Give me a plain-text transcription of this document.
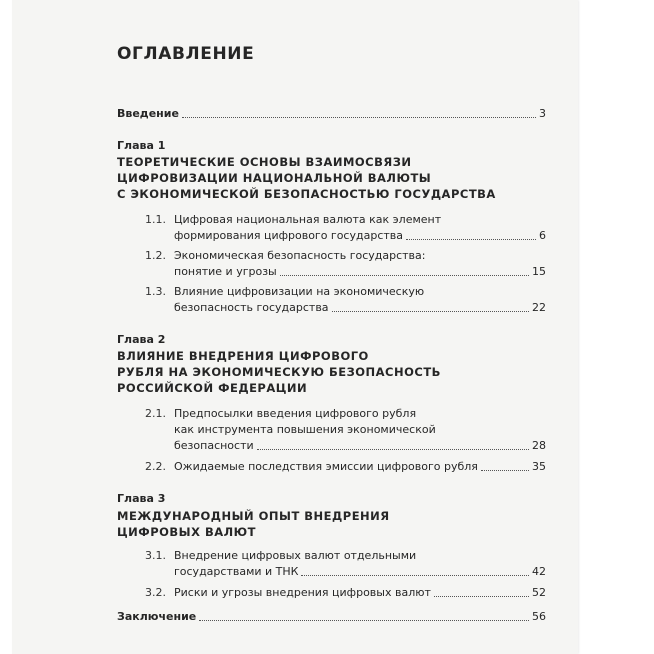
ОГЛАВЛЕНИЕ
Введение	3
Глава 1
ТЕОРЕТИЧЕСКИЕ ОСНОВЫ ВЗАИМОСВЯЗИ
ЦИФРОВИЗАЦИИ НАЦИОНАЛЬНОЙ ВАЛЮТЫ
С ЭКОНОМИЧЕСКОЙ БЕЗОПАСНОСТЬЮ ГОСУДАРСТВА
1.1. Цифровая национальная валюта как элемент
формирования цифрового государства	6
1.2. Экономическая безопасность государства:
понятие и угрозы	15
1.3. Влияние цифровизации на экономическую
безопасность государства	22
Глава 2
ВЛИЯНИЕ ВНЕДРЕНИЯ ЦИФРОВОГО
РУБЛЯ НА ЭКОНОМИЧЕСКУЮ БЕЗОПАСНОСТЬ
РОССИЙСКОЙ ФЕДЕРАЦИИ
2.1. Предпосылки введения цифрового рубля
как инструмента повышения экономической
безопасности	28
2.2. Ожидаемые последствия эмиссии цифрового рубля	35
Глава 3
МЕЖДУНАРОДНЫЙ ОПЫТ ВНЕДРЕНИЯ
ЦИФРОВЫХ ВАЛЮТ
3.1. Внедрение цифровых валют отдельными
государствами и ТНК	42
3.2. Риски и угрозы внедрения цифровых валют	52
Заключение	56
